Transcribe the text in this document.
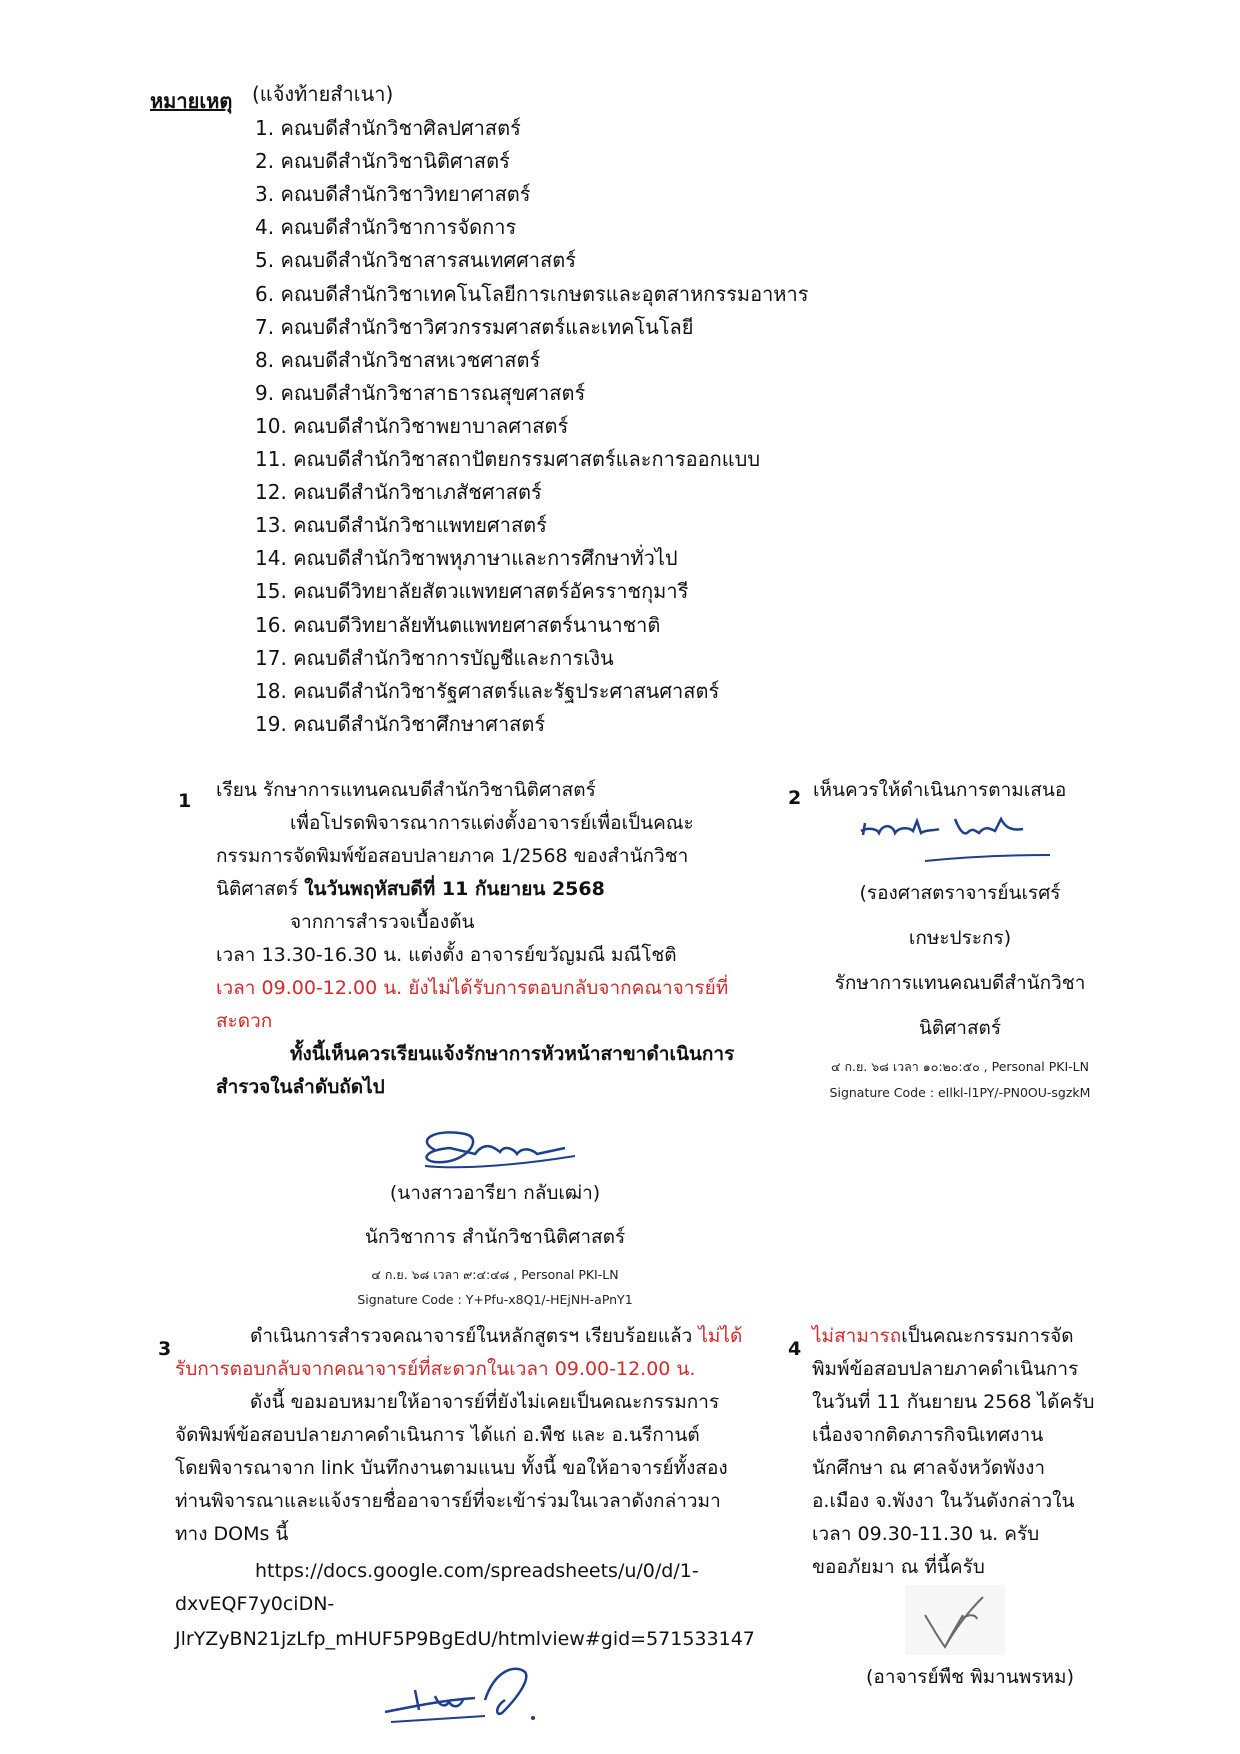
หมายเหตุ (แจ้งท้ายสำเนา)
1. คณบดีสำนักวิชาศิลปศาสตร์
2. คณบดีสำนักวิชานิติศาสตร์
3. คณบดีสำนักวิชาวิทยาศาสตร์
4. คณบดีสำนักวิชาการจัดการ
5. คณบดีสำนักวิชาสารสนเทศศาสตร์
6. คณบดีสำนักวิชาเทคโนโลยีการเกษตรและอุตสาหกรรมอาหาร
7. คณบดีสำนักวิชาวิศวกรรมศาสตร์และเทคโนโลยี
8. คณบดีสำนักวิชาสหเวชศาสตร์
9. คณบดีสำนักวิชาสาธารณสุขศาสตร์
10. คณบดีสำนักวิชาพยาบาลศาสตร์
11. คณบดีสำนักวิชาสถาปัตยกรรมศาสตร์และการออกแบบ
12. คณบดีสำนักวิชาเภสัชศาสตร์
13. คณบดีสำนักวิชาแพทยศาสตร์
14. คณบดีสำนักวิชาพหุภาษาและการศึกษาทั่วไป
15. คณบดีวิทยาลัยสัตวแพทยศาสตร์อัครราชกุมารี
16. คณบดีวิทยาลัยทันตแพทยศาสตร์นานาชาติ
17. คณบดีสำนักวิชาการบัญชีและการเงิน
18. คณบดีสำนักวิชารัฐศาสตร์และรัฐประศาสนศาสตร์
19. คณบดีสำนักวิชาศึกษาศาสตร์
1 เรียน รักษาการแทนคณบดีสำนักวิชานิติศาสตร์
เพื่อโปรดพิจารณาการแต่งตั้งอาจารย์เพื่อเป็นคณะ
กรรมการจัดพิมพ์ข้อสอบปลายภาค 1/2568 ของสำนักวิชา
นิติศาสตร์ ในวันพฤหัสบดีที่ 11 กันยายน 2568
จากการสำรวจเบื้องต้น
เวลา 13.30-16.30 น. แต่งตั้ง อาจารย์ขวัญมณี มณีโชติ
เวลา 09.00-12.00 น. ยังไม่ได้รับการตอบกลับจากคณาจารย์ที่
สะดวก
ทั้งนี้เห็นควรเรียนแจ้งรักษาการหัวหน้าสาขาดำเนินการ
สำรวจในลำดับถัดไป
(นางสาวอารียา กลับเฒ่า)
นักวิชาการ สำนักวิชานิติศาสตร์
๔ ก.ย. ๖๘ เวลา ๙:๔:๔๘ , Personal PKI-LN
Signature Code : Y+Pfu-x8Q1/-HEjNH-aPnY1
2 เห็นควรให้ดำเนินการตามเสนอ
(รองศาสตราจารย์นเรศร์
เกษะประกร)
รักษาการแทนคณบดีสำนักวิชา
นิติศาสตร์
๔ ก.ย. ๖๘ เวลา ๑๐:๒๐:๕๐ , Personal PKI-LN
Signature Code : eIlkl-l1PY/-PN0OU-sgzkM
3
ดำเนินการสำรวจคณาจารย์ในหลักสูตรฯ เรียบร้อยแล้ว ไม่ได้
รับการตอบกลับจากคณาจารย์ที่สะดวกในเวลา 09.00-12.00 น.
ดังนี้ ขอมอบหมายให้อาจารย์ที่ยังไม่เคยเป็นคณะกรรมการ
จัดพิมพ์ข้อสอบปลายภาคดำเนินการ ได้แก่ อ.พืช และ อ.นรีกานต์
โดยพิจารณาจาก link บันทึกงานตามแนบ ทั้งนี้ ขอให้อาจารย์ทั้งสอง
ท่านพิจารณาและแจ้งรายชื่ออาจารย์ที่จะเข้าร่วมในเวลาดังกล่าวมา
ทาง DOMs นี้
https://docs.google.com/spreadsheets/u/0/d/1-
dxvEQF7y0ciDN-
JlrYZyBN21jzLfp_mHUF5P9BgEdU/htmlview#gid=571533147
4
ไม่สามารถเป็นคณะกรรมการจัด
พิมพ์ข้อสอบปลายภาคดำเนินการ
ในวันที่ 11 กันยายน 2568 ได้ครับ
เนื่องจากติดภารกิจนิเทศงาน
นักศึกษา ณ ศาลจังหวัดพังงา
อ.เมือง จ.พังงา ในวันดังกล่าวใน
เวลา 09.30-11.30 น. ครับ
ขออภัยมา ณ ที่นี้ครับ
(อาจารย์พืช พิมานพรหม)
